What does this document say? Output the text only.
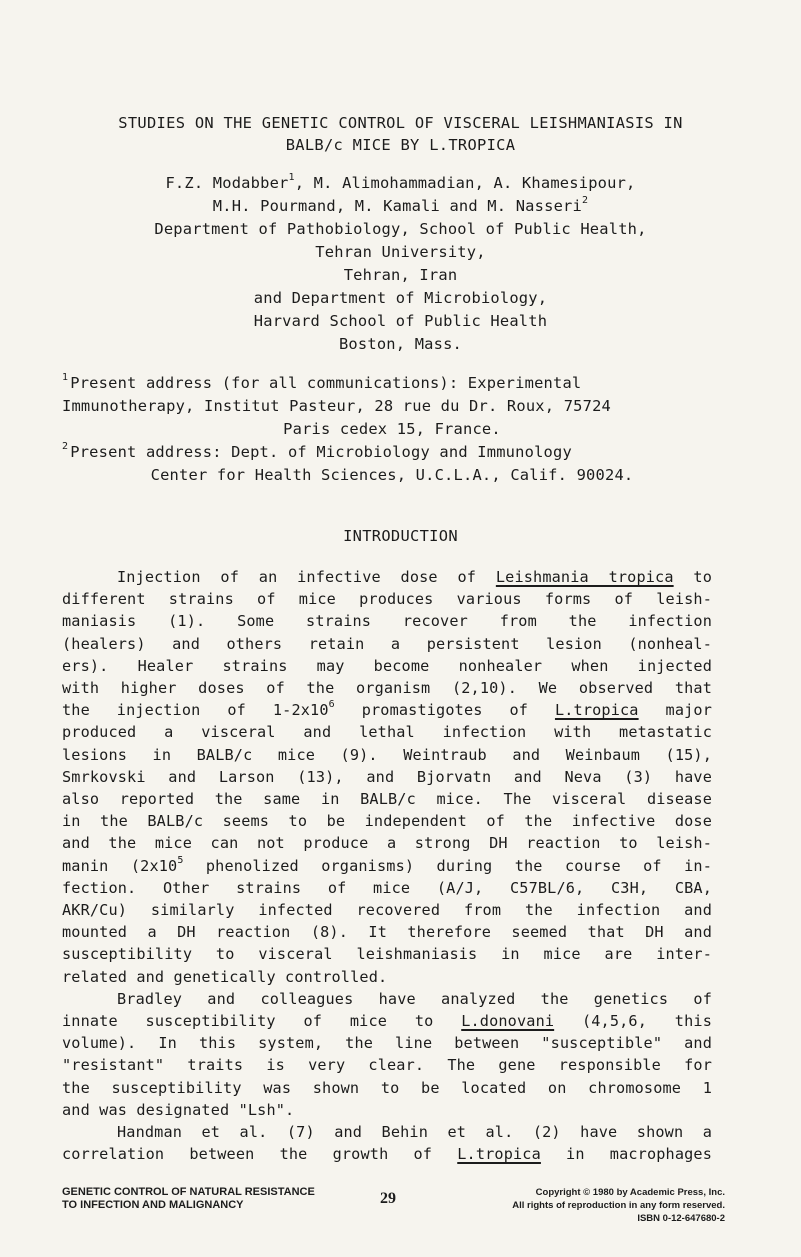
STUDIES ON THE GENETIC CONTROL OF VISCERAL LEISHMANIASIS IN
BALB/c MICE BY L.TROPICA
F.Z. Modabber$^1$, M. Alimohammadian, A. Khamesipour,
M.H. Pourmand, M. Kamali and M. Nasseri$^2$
Department of Pathobiology, School of Public Health,
Tehran University,
Tehran, Iran
and Department of Microbiology,
Harvard School of Public Health
Boston, Mass.
$^1$ Present address (for all communications): Experimental
Immunotherapy, Institut Pasteur, 28 rue du Dr. Roux, 75724
Paris cedex 15, France.
$^2$ Present address: Dept. of Microbiology and Immunology
Center for Health Sciences, U.C.L.A., Calif. 90024.
INTRODUCTION
Injection of an infective dose of Leishmania tropica to
different strains of mice produces various forms of leish-
maniasis (1). Some strains recover from the infection
(healers) and others retain a persistent lesion (nonheal-
ers). Healer strains may become nonhealer when injected
with higher doses of the organism (2,10). We observed that
the injection of $1-2x10^6$ promastigotes of L.tropica major
produced a visceral and lethal infection with metastatic
lesions in BALB/c mice (9). Weintraub and Weinbaum (15),
Smrkovski and Larson (13), and Bjorvatn and Neva (3) have
also reported the same in BALB/c mice. The visceral disease
in the BALB/c seems to be independent of the infective dose
and the mice can not produce a strong DH reaction to leish-
manin ($2x10^5$ phenolized organisms) during the course of in-
fection. Other strains of mice (A/J, C57BL/6, C3H, CBA,
AKR/Cu) similarly infected recovered from the infection and
mounted a DH reaction (8). It therefore seemed that DH and
susceptibility to visceral leishmaniasis in mice are inter-
related and genetically controlled.
Bradley and colleagues have analyzed the genetics of
innate susceptibility of mice to L.donovani (4,5,6, this
volume). In this system, the line between "susceptible" and
"resistant" traits is very clear. The gene responsible for
the susceptibility was shown to be located on chromosome 1
and was designated "Lsh".
Handman et al. (7) and Behin et al. (2) have shown a
correlation between the growth of L.tropica in macrophages
GENETIC CONTROL OF NATURAL RESISTANCE
TO INFECTION AND MALIGNANCY	29	Copyright © 1980 by Academic Press, Inc.
All rights of reproduction in any form reserved.
ISBN 0-12-647680-2
